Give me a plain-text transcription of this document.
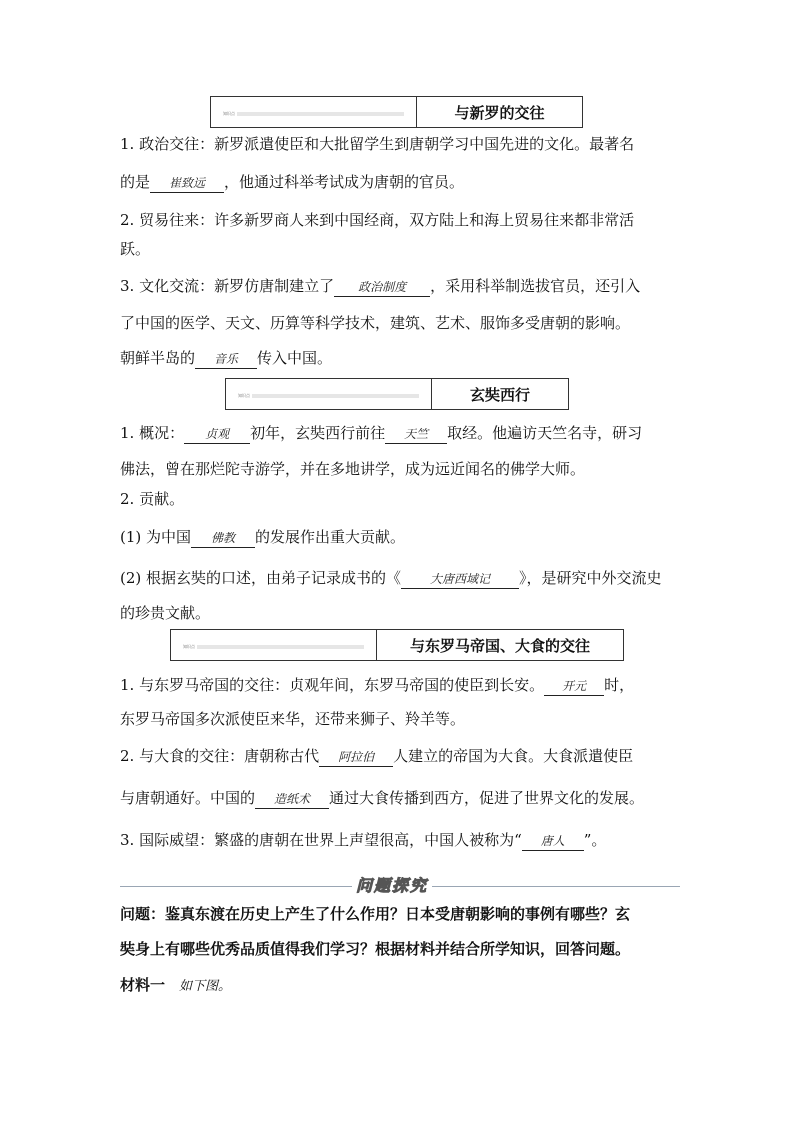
知识点	与新罗的交往
1. 政治交往：新罗派遣使臣和大批留学生到唐朝学习中国先进的文化。最著名
的是 崔致远 ，他通过科举考试成为唐朝的官员。
2. 贸易往来：许多新罗商人来到中国经商，双方陆上和海上贸易往来都非常活
跃。
3. 文化交流：新罗仿唐制建立了 政治制度 ，采用科举制选拔官员，还引入
了中国的医学、天文、历算等科学技术，建筑、艺术、服饰多受唐朝的影响。
朝鲜半岛的 音乐 传入中国。
知识点	玄奘西行
1. 概况： 贞观 初年，玄奘西行前往 天竺 取经。他遍访天竺名寺，研习
佛法，曾在那烂陀寺游学，并在多地讲学，成为远近闻名的佛学大师。
2. 贡献。
(1) 为中国 佛教 的发展作出重大贡献。
(2) 根据玄奘的口述，由弟子记录成书的《 大唐西域记 》，是研究中外交流史
的珍贵文献。
知识点	与东罗马帝国、大食的交往
1. 与东罗马帝国的交往：贞观年间，东罗马帝国的使臣到长安。 开元 时，
东罗马帝国多次派使臣来华，还带来狮子、羚羊等。
2. 与大食的交往：唐朝称古代 阿拉伯 人建立的帝国为大食。大食派遣使臣
与唐朝通好。中国的 造纸术 通过大食传播到西方，促进了世界文化的发展。
3. 国际威望：繁盛的唐朝在世界上声望很高，中国人被称为“ 唐人 ”。
问题探究
问题：鉴真东渡在历史上产生了什么作用？日本受唐朝影响的事例有哪些？玄
奘身上有哪些优秀品质值得我们学习？根据材料并结合所学知识，回答问题。
材料一 如下图。
